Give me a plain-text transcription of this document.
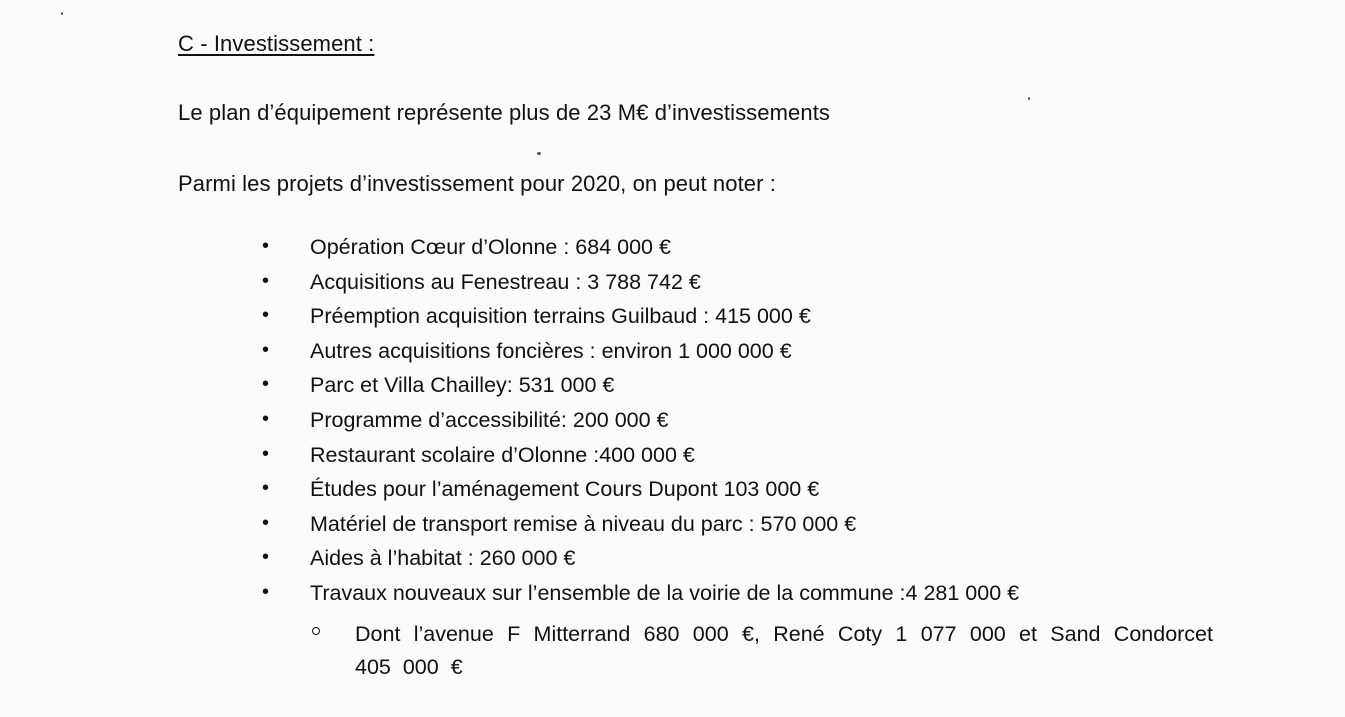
C - Investissement :
Le plan d’équipement représente plus de 23 M€ d’investissements
Parmi les projets d’investissement pour 2020, on peut noter :
• Opération Cœur d’Olonne : 684 000 €
• Acquisitions au Fenestreau : 3 788 742 €
• Préemption acquisition terrains Guilbaud : 415 000 €
• Autres acquisitions foncières : environ 1 000 000 €
• Parc et Villa Chailley: 531 000 €
• Programme d’accessibilité: 200 000 €
• Restaurant scolaire d’Olonne :400 000 €
• Études pour l’aménagement Cours Dupont 103 000 €
• Matériel de transport remise à niveau du parc : 570 000 €
• Aides à l’habitat : 260 000 €
• Travaux nouveaux sur l’ensemble de la voirie de la commune :4 281 000 €
Dont l’avenue F Mitterrand 680 000 €, René Coty 1 077 000 et Sand Condorcet 405 000 €
